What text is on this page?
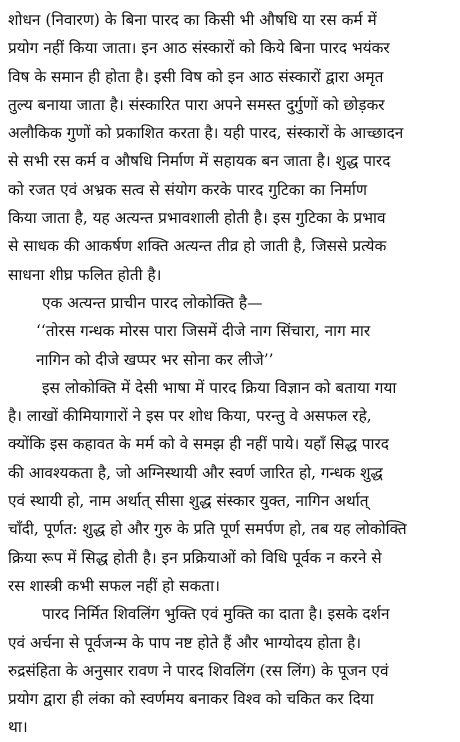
शोधन (निवारण) के बिना पारद का किसी भी औषधि या रस कर्म में
प्रयोग नहीं किया जाता। इन आठ संस्कारों को किये बिना पारद भयंकर
विष के समान ही होता है। इसी विष को इन आठ संस्कारों द्वारा अमृत
तुल्य बनाया जाता है। संस्कारित पारा अपने समस्त दुर्गुणों को छोड़कर
अलौकिक गुणों को प्रकाशित करता है। यही पारद, संस्कारों के आच्छादन
से सभी रस कर्म व औषधि निर्माण में सहायक बन जाता है। शुद्ध पारद
को रजत एवं अभ्रक सत्व से संयोग करके पारद गुटिका का निर्माण
किया जाता है, यह अत्यन्त प्रभावशाली होती है। इस गुटिका के प्रभाव
से साधक की आकर्षण शक्ति अत्यन्त तीव्र हो जाती है, जिससे प्रत्येक
साधना शीघ्र फलित होती है।
एक अत्यन्त प्राचीन पारद लोकोक्ति है—
‘‘तोरस गन्धक मोरस पारा जिसमें दीजे नाग सिंचारा, नाग मार
नागिन को दीजे खप्पर भर सोना कर लीजे’’
इस लोकोक्ति में देसी भाषा में पारद क्रिया विज्ञान को बताया गया
है। लाखों कीमियागारों ने इस पर शोध किया, परन्तु वे असफल रहे,
क्योंकि इस कहावत के मर्म को वे समझ ही नहीं पाये। यहाँ सिद्ध पारद
की आवश्यकता है, जो अग्निस्थायी और स्वर्ण जारित हो, गन्धक शुद्ध
एवं स्थायी हो, नाम अर्थात् सीसा शुद्ध संस्कार युक्त, नागिन अर्थात्
चाँदी, पूर्णत: शुद्ध हो और गुरु के प्रति पूर्ण समर्पण हो, तब यह लोकोक्ति
क्रिया रूप में सिद्ध होती है। इन प्रक्रियाओं को विधि पूर्वक न करने से
रस शास्त्री कभी सफल नहीं हो सकता।
पारद निर्मित शिवलिंग भुक्ति एवं मुक्ति का दाता है। इसके दर्शन
एवं अर्चना से पूर्वजन्म के पाप नष्ट होते हैं और भाग्योदय होता है।
रुद्रसंहिता के अनुसार रावण ने पारद शिवलिंग (रस लिंग) के पूजन एवं
प्रयोग द्वारा ही लंका को स्वर्णमय बनाकर विश्व को चकित कर दिया
था।
